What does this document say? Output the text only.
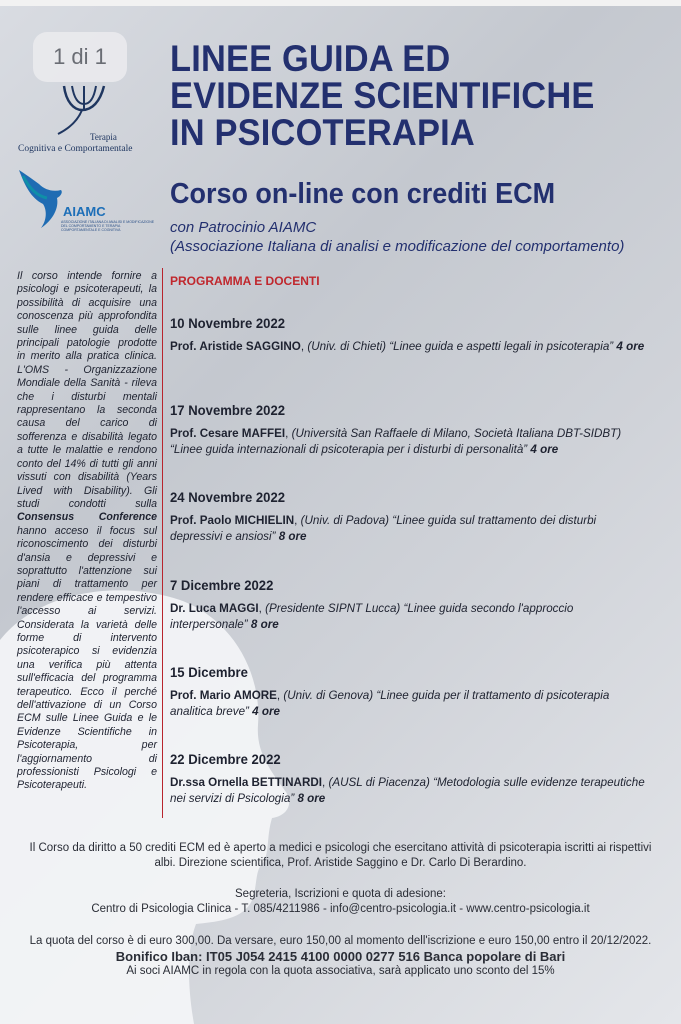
1 di 1
Terapia
Cognitiva e Comportamentale
AIAMC
ASSOCIAZIONE ITALIANA DI ANALISI E MODIFICAZIONE DEL COMPORTAMENTO E TERAPIA COMPORTAMENTALE E COGNITIVA
LINEE GUIDA ED
EVIDENZE SCIENTIFICHE
IN PSICOTERAPIA
Corso on-line con crediti ECM
con Patrocinio AIAMC
(Associazione Italiana di analisi e modificazione del comportamento)
Il corso intende fornire a psicologi e psicoterapeuti, la possibilità di acquisire una conoscenza più approfondita sulle linee guida delle principali patologie prodotte in merito alla pratica clinica. L'OMS - Organizzazione Mondiale della Sanità - rileva che i disturbi mentali rappresentano la seconda causa del carico di sofferenza e disabilità legato a tutte le malattie e rendono conto del 14% di tutti gli anni vissuti con disabilità (Years Lived with Disability). Gli studi condotti sulla Consensus Conference hanno acceso il focus sul riconoscimento dei disturbi d'ansia e depressivi e soprattutto l'attenzione sui piani di trattamento per rendere efficace e tempestivo l'accesso ai servizi. Considerata la varietà delle forme di intervento psicoterapico si evidenzia una verifica più attenta sull'efficacia del programma terapeutico. Ecco il perché dell'attivazione di un Corso ECM sulle Linee Guida e le Evidenze Scientifiche in Psicoterapia, per l'aggiornamento di professionisti Psicologi e Psicoterapeuti.
PROGRAMMA E DOCENTI
10 Novembre 2022
Prof. Aristide SAGGINO, (Univ. di Chieti) “Linee guida e aspetti legali in psicoterapia” 4 ore
17 Novembre 2022
Prof. Cesare MAFFEI, (Università San Raffaele di Milano, Società Italiana DBT-SIDBT) “Linee guida internazionali di psicoterapia per i disturbi di personalità” 4 ore
24 Novembre 2022
Prof. Paolo MICHIELIN, (Univ. di Padova) “Linee guida sul trattamento dei disturbi depressivi e ansiosi” 8 ore
7 Dicembre 2022
Dr. Luca MAGGI, (Presidente SIPNT Lucca) “Linee guida secondo l'approccio interpersonale” 8 ore
15 Dicembre
Prof. Mario AMORE, (Univ. di Genova) “Linee guida per il trattamento di psicoterapia analitica breve” 4 ore
22 Dicembre 2022
Dr.ssa Ornella BETTINARDI, (AUSL di Piacenza) “Metodologia sulle evidenze terapeutiche nei servizi di Psicologia” 8 ore
Il Corso da diritto a 50 crediti ECM ed è aperto a medici e psicologi che esercitano attività di psicoterapia iscritti ai rispettivi
albi. Direzione scientifica, Prof. Aristide Saggino e Dr. Carlo Di Berardino.
Segreteria, Iscrizioni e quota di adesione:
Centro di Psicologia Clinica - T. 085/4211986 - info@centro-psicologia.it - www.centro-psicologia.it
La quota del corso è di euro 300,00. Da versare, euro 150,00 al momento dell'iscrizione e euro 150,00 entro il 20/12/2022.
Bonifico Iban: IT05 J054 2415 4100 0000 0277 516 Banca popolare di Bari
Ai soci AIAMC in regola con la quota associativa, sarà applicato uno sconto del 15%
